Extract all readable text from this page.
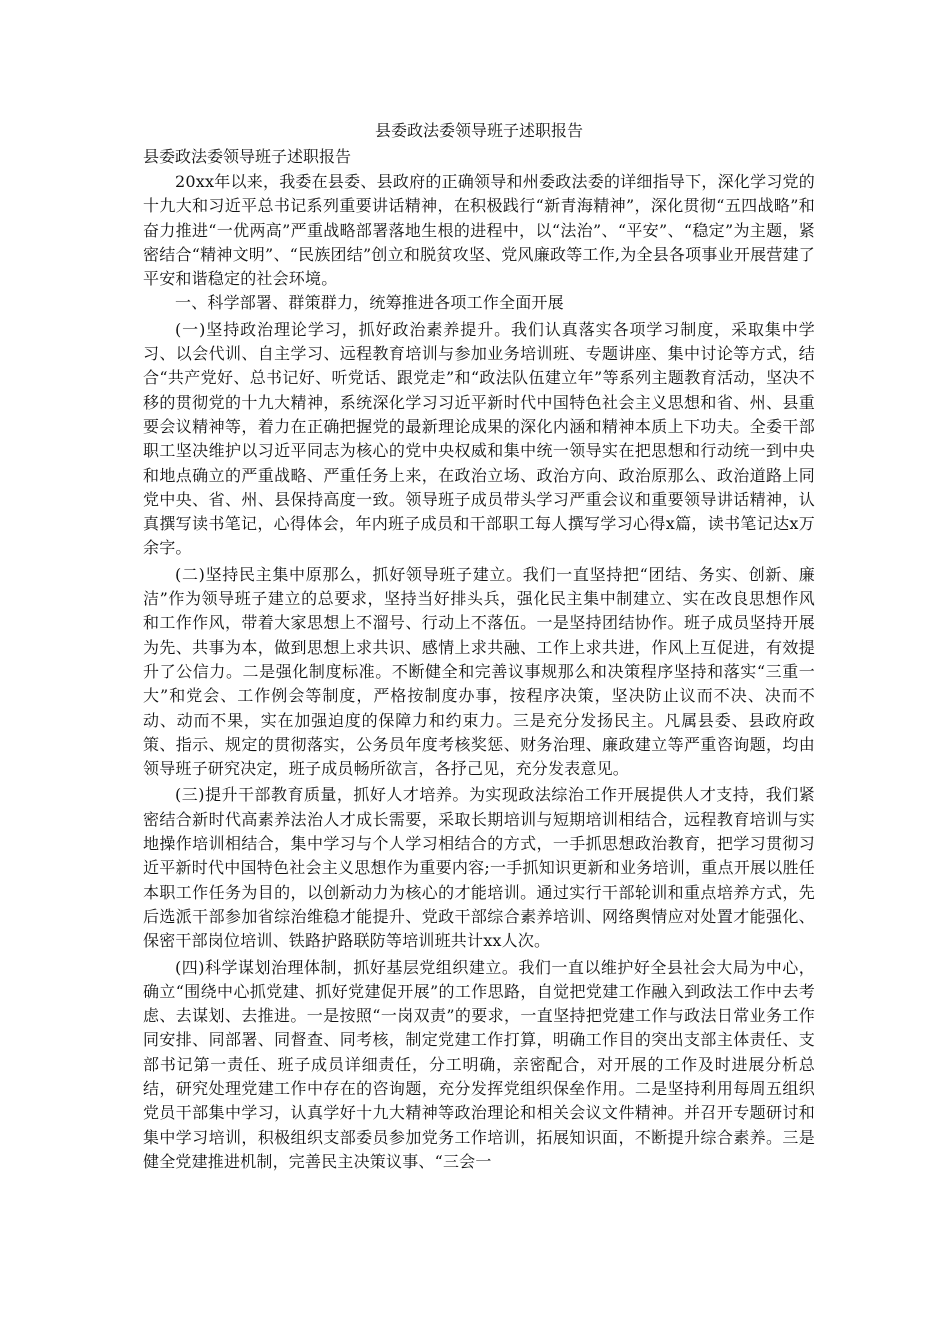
县委政法委领导班子述职报告
县委政法委领导班子述职报告

20xx年以来，我委在县委、县政府的正确领导和州委政法委的详细指导下，深化学习党的十九大和习近平总书记系列重要讲话精神，在积极践行“新青海精神”，深化贯彻“五四战略”和奋力推进“一优两高”严重战略部署落地生根的进程中，以“法治”、“平安”、“稳定”为主题，紧密结合“精神文明”、“民族团结”创立和脱贫攻坚、党风廉政等工作,为全县各项事业开展营建了平安和谐稳定的社会环境。

一、科学部署、群策群力，统筹推进各项工作全面开展

(一)坚持政治理论学习，抓好政治素养提升。我们认真落实各项学习制度，采取集中学习、以会代训、自主学习、远程教育培训与参加业务培训班、专题讲座、集中讨论等方式，结合“共产党好、总书记好、听党话、跟党走”和“政法队伍建立年”等系列主题教育活动，坚决不移的贯彻党的十九大精神，系统深化学习习近平新时代中国特色社会主义思想和省、州、县重要会议精神等，着力在正确把握党的最新理论成果的深化内涵和精神本质上下功夫。全委干部职工坚决维护以习近平同志为核心的党中央权威和集中统一领导实在把思想和行动统一到中央和地点确立的严重战略、严重任务上来，在政治立场、政治方向、政治原那么、政治道路上同党中央、省、州、县保持高度一致。领导班子成员带头学习严重会议和重要领导讲话精神，认真撰写读书笔记，心得体会，年内班子成员和干部职工每人撰写学习心得x篇，读书笔记达x万余字。

(二)坚持民主集中原那么，抓好领导班子建立。我们一直坚持把“团结、务实、创新、廉洁”作为领导班子建立的总要求，坚持当好排头兵，强化民主集中制建立、实在改良思想作风和工作作风，带着大家思想上不溜号、行动上不落伍。一是坚持团结协作。班子成员坚持开展为先、共事为本，做到思想上求共识、感情上求共融、工作上求共进，作风上互促进，有效提升了公信力。二是强化制度标准。不断健全和完善议事规那么和决策程序坚持和落实“三重一大”和党会、工作例会等制度，严格按制度办事，按程序决策，坚决防止议而不决、决而不动、动而不果，实在加强迫度的保障力和约束力。三是充分发扬民主。凡属县委、县政府政策、指示、规定的贯彻落实，公务员年度考核奖惩、财务治理、廉政建立等严重咨询题，均由领导班子研究决定，班子成员畅所欲言，各抒己见，充分发表意见。

(三)提升干部教育质量，抓好人才培养。为实现政法综治工作开展提供人才支持，我们紧密结合新时代高素养法治人才成长需要，采取长期培训与短期培训相结合，远程教育培训与实地操作培训相结合，集中学习与个人学习相结合的方式，一手抓思想政治教育，把学习贯彻习近平新时代中国特色社会主义思想作为重要内容;一手抓知识更新和业务培训，重点开展以胜任本职工作任务为目的，以创新动力为核心的才能培训。通过实行干部轮训和重点培养方式，先后选派干部参加省综治维稳才能提升、党政干部综合素养培训、网络舆情应对处置才能强化、保密干部岗位培训、铁路护路联防等培训班共计xx人次。

(四)科学谋划治理体制，抓好基层党组织建立。我们一直以维护好全县社会大局为中心，确立“围绕中心抓党建、抓好党建促开展”的工作思路，自觉把党建工作融入到政法工作中去考虑、去谋划、去推进。一是按照“一岗双责”的要求，一直坚持把党建工作与政法日常业务工作同安排、同部署、同督查、同考核，制定党建工作打算，明确工作目的突出支部主体责任、支部书记第一责任、班子成员详细责任，分工明确，亲密配合，对开展的工作及时进展分析总结，研究处理党建工作中存在的咨询题，充分发挥党组织保垒作用。二是坚持利用每周五组织党员干部集中学习，认真学好十九大精神等政治理论和相关会议文件精神。并召开专题研讨和集中学习培训，积极组织支部委员参加党务工作培训，拓展知识面，不断提升综合素养。三是健全党建推进机制，完善民主决策议事、“三会一
